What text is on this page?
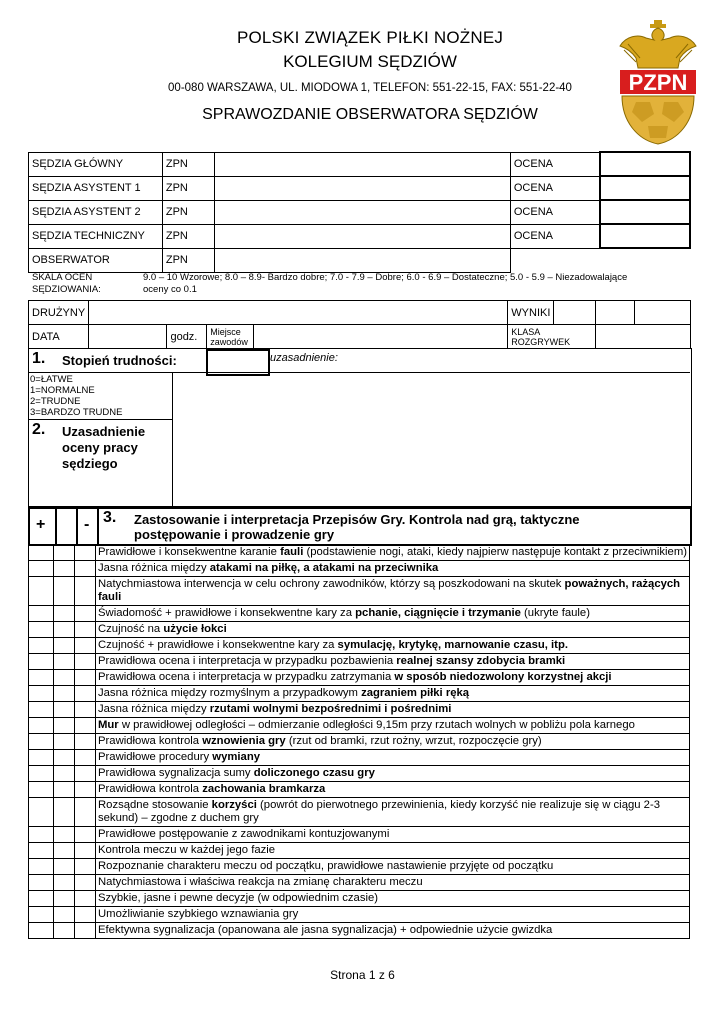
POLSKI ZWIĄZEK PIŁKI NOŻNEJ
KOLEGIUM SĘDZIÓW
00-080 WARSZAWA, UL. MIODOWA 1, TELEFON: 551-22-15, FAX: 551-22-40
SPRAWOZDANIE OBSERWATORA SĘDZIÓW
PZPN
SĘDZIA GŁÓWNY	ZPN		OCENA	
SĘDZIA ASYSTENT 1	ZPN		OCENA	
SĘDZIA ASYSTENT 2	ZPN		OCENA	
SĘDZIA TECHNICZNY	ZPN		OCENA	
OBSERWATOR	ZPN			
SKALA OCEN
SĘDZIOWANIA:
9.0 – 10 Wzorowe; 8.0 – 8.9- Bardzo dobre; 7.0 - 7.9 – Dobre; 6.0 - 6.9 – Dostateczne; 5.0 - 5.9 – Niezadowalające
oceny co 0.1
DRUŻYNY					WYNIKI			
DATA		godz.	Miejsce zawodów		KLASA ROZGRYWEK			
1. Stopień trudności:	uzasadnienie:
0=ŁATWE
1=NORMALNE
2=TRUDNE
3=BARDZO TRUDNE
2. Uzasadnienie oceny pracy sędziego
+ - 3. Zastosowanie i interpretacja Przepisów Gry. Kontrola nad grą, taktyczne postępowanie i prowadzenie gry
			Prawidłowe i konsekwentne karanie fauli (podstawienie nogi, ataki, kiedy najpierw następuje kontakt z przeciwnikiem)
			Jasna różnica między atakami na piłkę, a atakami na przeciwnika
			Natychmiastowa interwencja w celu ochrony zawodników, którzy są poszkodowani na skutek poważnych, rażących fauli
			Świadomość + prawidłowe i konsekwentne kary za pchanie, ciągnięcie i trzymanie (ukryte faule)
			Czujność na użycie łokci
			Czujność + prawidłowe i konsekwentne kary za symulację, krytykę, marnowanie czasu, itp.
			Prawidłowa ocena i interpretacja w przypadku pozbawienia realnej szansy zdobycia bramki
			Prawidłowa ocena i interpretacja w przypadku zatrzymania w sposób niedozwolony korzystnej akcji
			Jasna różnica między rozmyślnym a przypadkowym zagraniem piłki ręką
			Jasna różnica między rzutami wolnymi bezpośrednimi i pośrednimi
			Mur w prawidłowej odległości – odmierzanie odległości 9,15m przy rzutach wolnych w pobliżu pola karnego
			Prawidłowa kontrola wznowienia gry (rzut od bramki, rzut rożny, wrzut, rozpoczęcie gry)
			Prawidłowe procedury wymiany
			Prawidłowa sygnalizacja sumy doliczonego czasu gry
			Prawidłowa kontrola zachowania bramkarza
			Rozsądne stosowanie korzyści (powrót do pierwotnego przewinienia, kiedy korzyść nie realizuje się w ciągu 2-3 sekund) – zgodne z duchem gry
			Prawidłowe postępowanie z zawodnikami kontuzjowanymi
			Kontrola meczu w każdej jego fazie
			Rozpoznanie charakteru meczu od początku, prawidłowe nastawienie przyjęte od początku
			Natychmiastowa i właściwa reakcja na zmianę charakteru meczu
			Szybkie, jasne i pewne decyzje (w odpowiednim czasie)
			Umożliwianie szybkiego wznawiania gry
			Efektywna sygnalizacja (opanowana ale jasna sygnalizacja) + odpowiednie użycie gwizdka
Strona 1 z 6
